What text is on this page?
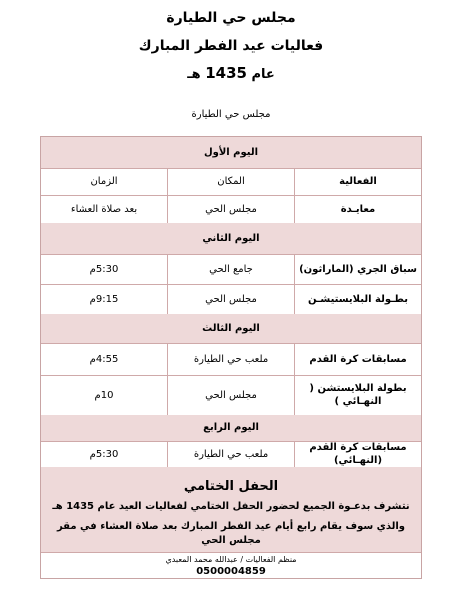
مجلس حي الطيارة
فعاليات عيد الفطر المبارك
عام 1435 هـ
مجلس حي الطيارة
اليوم الأول
الفعالية
المكان
الزمان
معايـدة
مجلس الحي
بعد صلاة العشاء
اليوم الثاني
سباق الجري (الماراثون)
جامع الحي
5:30م
بطـولة البلايستيشـن
مجلس الحي
9:15م
اليوم الثالث
مسابقات كرة القدم
ملعب حي الطيارة
4:55م
بطولة البلايستشن ( النهـائي )
مجلس الحي
10م
اليوم الرابع
مسابقات كرة القدم (النهـائي)
ملعب حي الطيارة
5:30م
الحفل الختامي
نتشرف بدعـوة الجميع لحضور الحفل الختامي لفعاليات العيد عام 1435 هـ
والذي سوف يقام رابع أيام عيد الفطر المبارك بعد صلاة العشاء في مقر مجلس الحي
منظم الفعاليات / عبدالله محمد المعبدي
0500004859
